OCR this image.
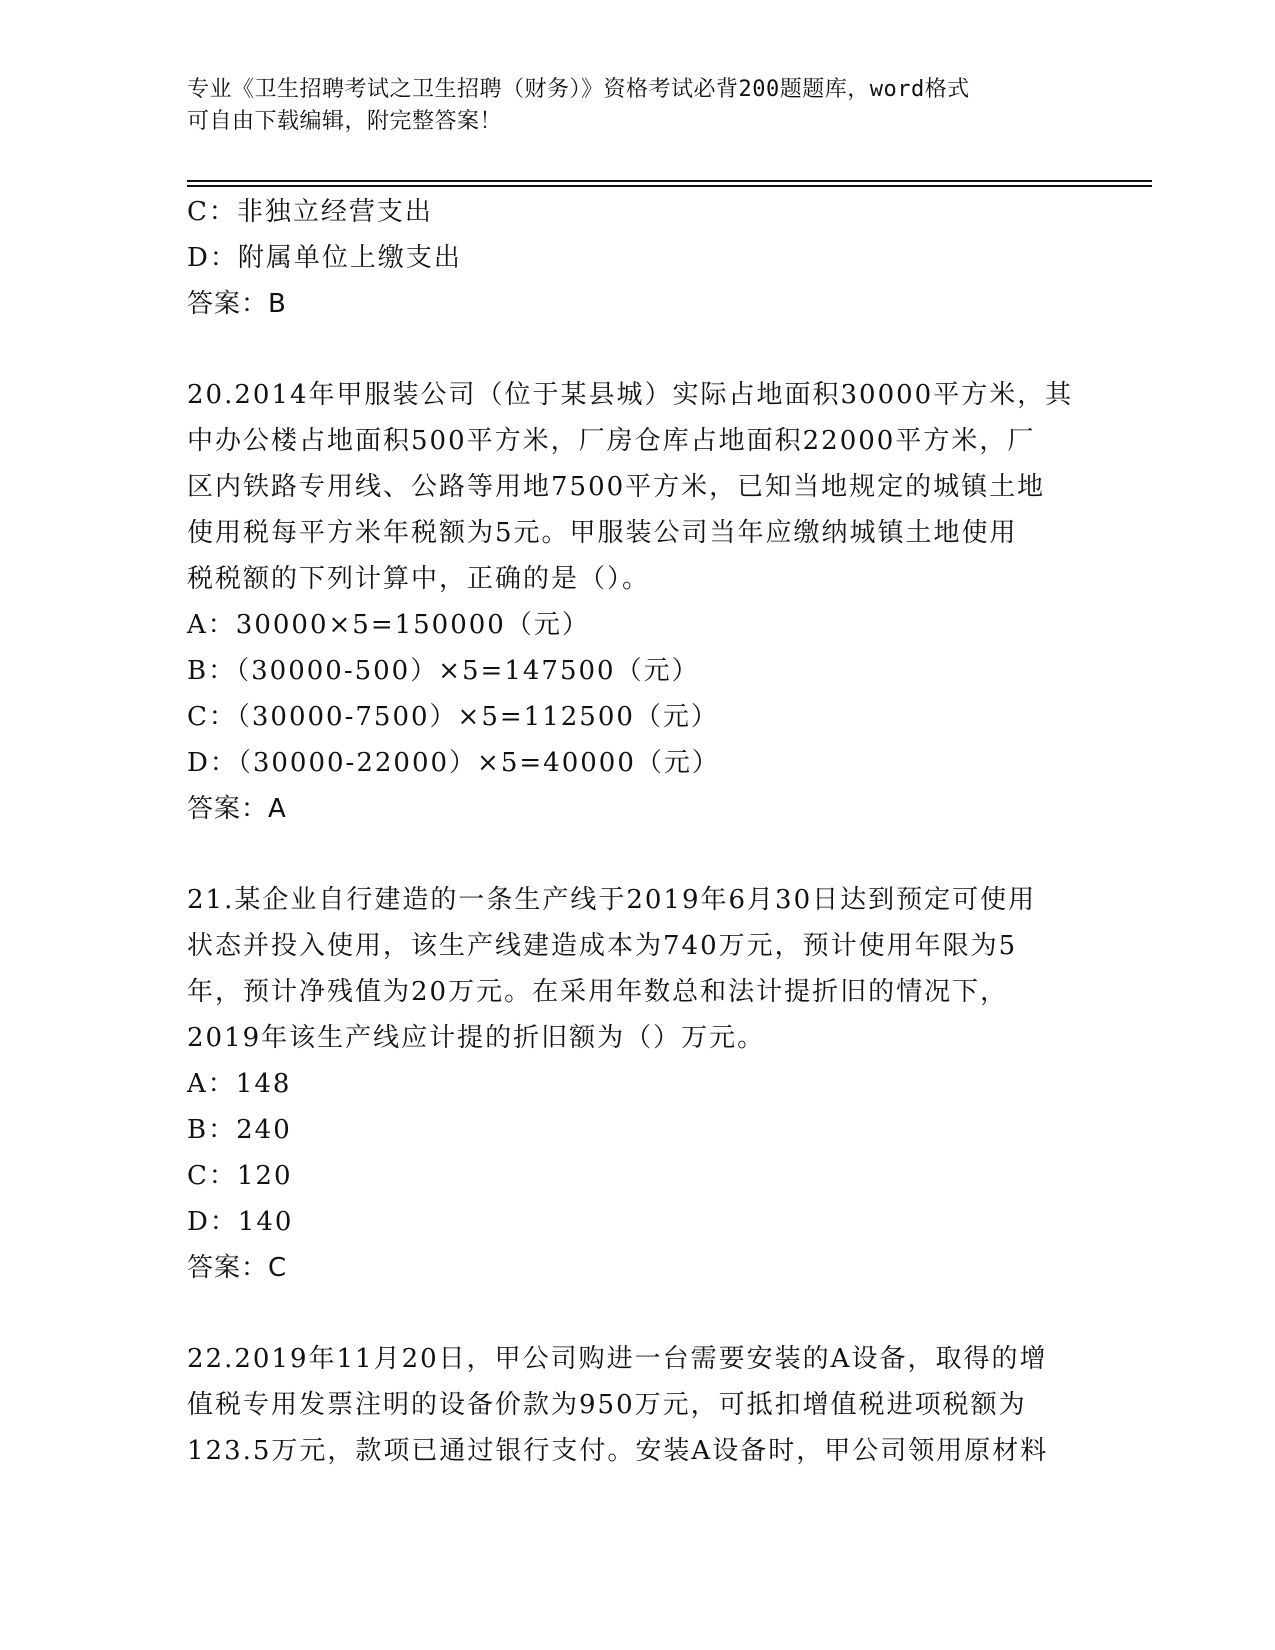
专业《卫生招聘考试之卫生招聘（财务）》资格考试必背200题题库，word格式
可自由下载编辑，附完整答案！
C：非独立经营支出
D：附属单位上缴支出
答案：B
20.2014年甲服装公司（位于某县城）实际占地面积30000平方米，其
中办公楼占地面积500平方米，厂房仓库占地面积22000平方米，厂
区内铁路专用线、公路等用地7500平方米，已知当地规定的城镇土地
使用税每平方米年税额为5元。甲服装公司当年应缴纳城镇土地使用
税税额的下列计算中，正确的是（）。
A：30000×5=150000（元）
B：（30000-500）×5=147500（元）
C：（30000-7500）×5=112500（元）
D：（30000-22000）×5=40000（元）
答案：A
21.某企业自行建造的一条生产线于2019年6月30日达到预定可使用
状态并投入使用，该生产线建造成本为740万元，预计使用年限为5
年，预计净残值为20万元。在采用年数总和法计提折旧的情况下，
2019年该生产线应计提的折旧额为（）万元。
A：148
B：240
C：120
D：140
答案：C
22.2019年11月20日，甲公司购进一台需要安装的A设备，取得的增
值税专用发票注明的设备价款为950万元，可抵扣增值税进项税额为
123.5万元，款项已通过银行支付。安装A设备时，甲公司领用原材料
